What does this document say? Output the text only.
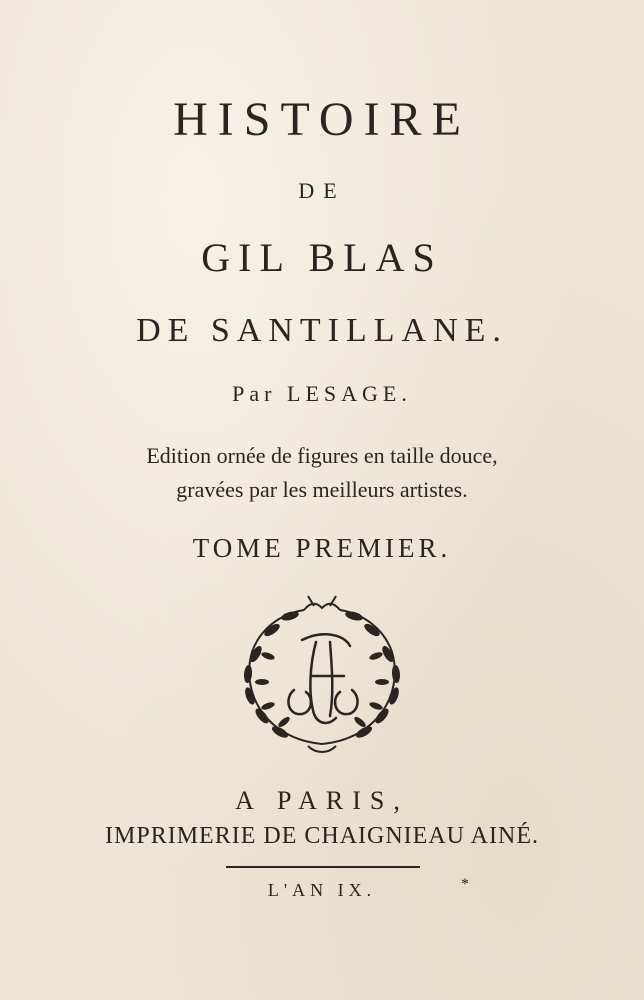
HISTOIRE
DE
GIL BLAS
DE SANTILLANE.
Par LESAGE.
Edition ornée de figures en taille douce,
gravées par les meilleurs artistes.
TOME PREMIER.
A PARIS,
IMPRIMERIE DE CHAIGNIEAU AINÉ.
L'AN IX.	*
